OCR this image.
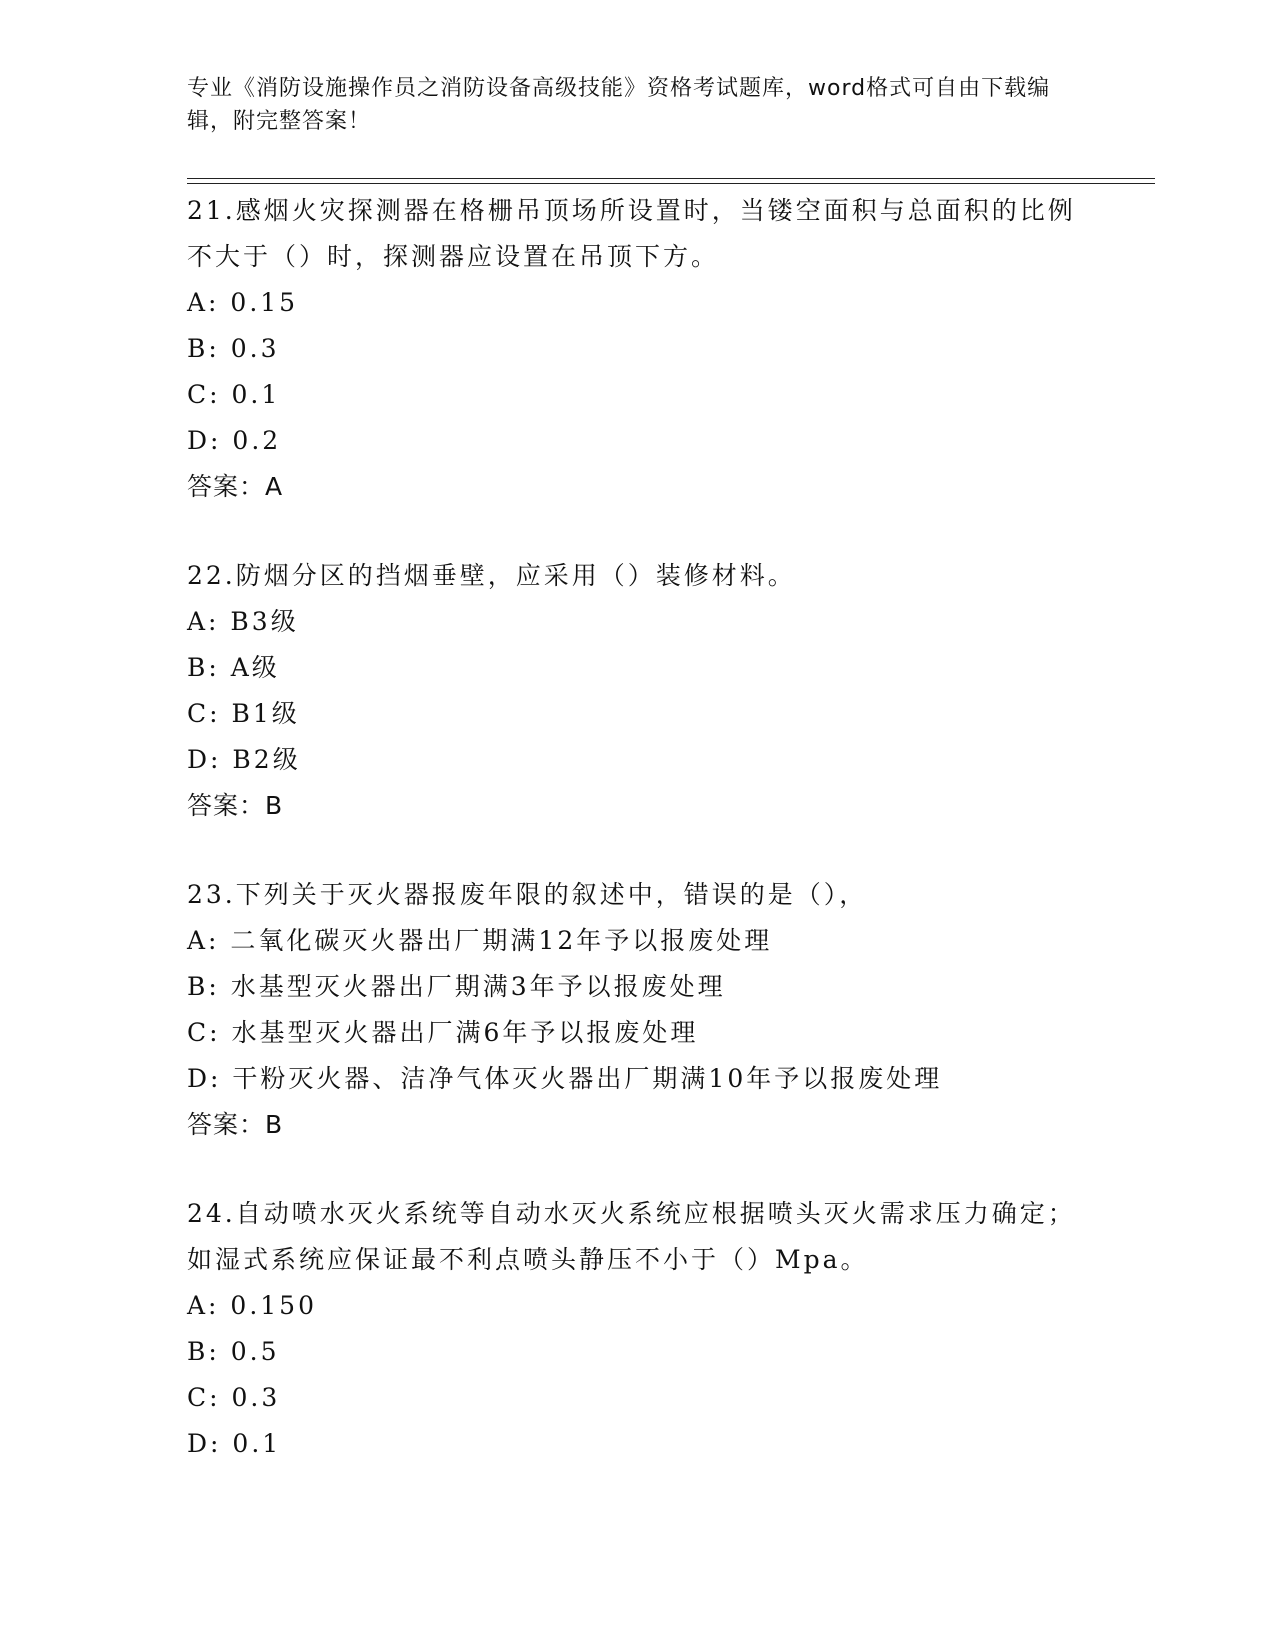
专业《消防设施操作员之消防设备高级技能》资格考试题库，word格式可自由下载编辑，附完整答案！

21.感烟火灾探测器在格栅吊顶场所设置时，当镂空面积与总面积的比例不大于（）时，探测器应设置在吊顶下方。

A: 0.15

B: 0.3

C: 0.1

D: 0.2

答案：A

22.防烟分区的挡烟垂壁，应采用（）装修材料。

A: B3级

B: A级

C: B1级

D: B2级

答案：B

23.下列关于灭火器报废年限的叙述中，错误的是（），

A: 二氧化碳灭火器出厂期满12年予以报废处理

B: 水基型灭火器出厂期满3年予以报废处理

C: 水基型灭火器出厂满6年予以报废处理

D: 干粉灭火器、洁净气体灭火器出厂期满10年予以报废处理

答案：B

24.自动喷水灭火系统等自动水灭火系统应根据喷头灭火需求压力确定；如湿式系统应保证最不利点喷头静压不小于（）Mpa。

A: 0.150

B: 0.5

C: 0.3

D: 0.1
